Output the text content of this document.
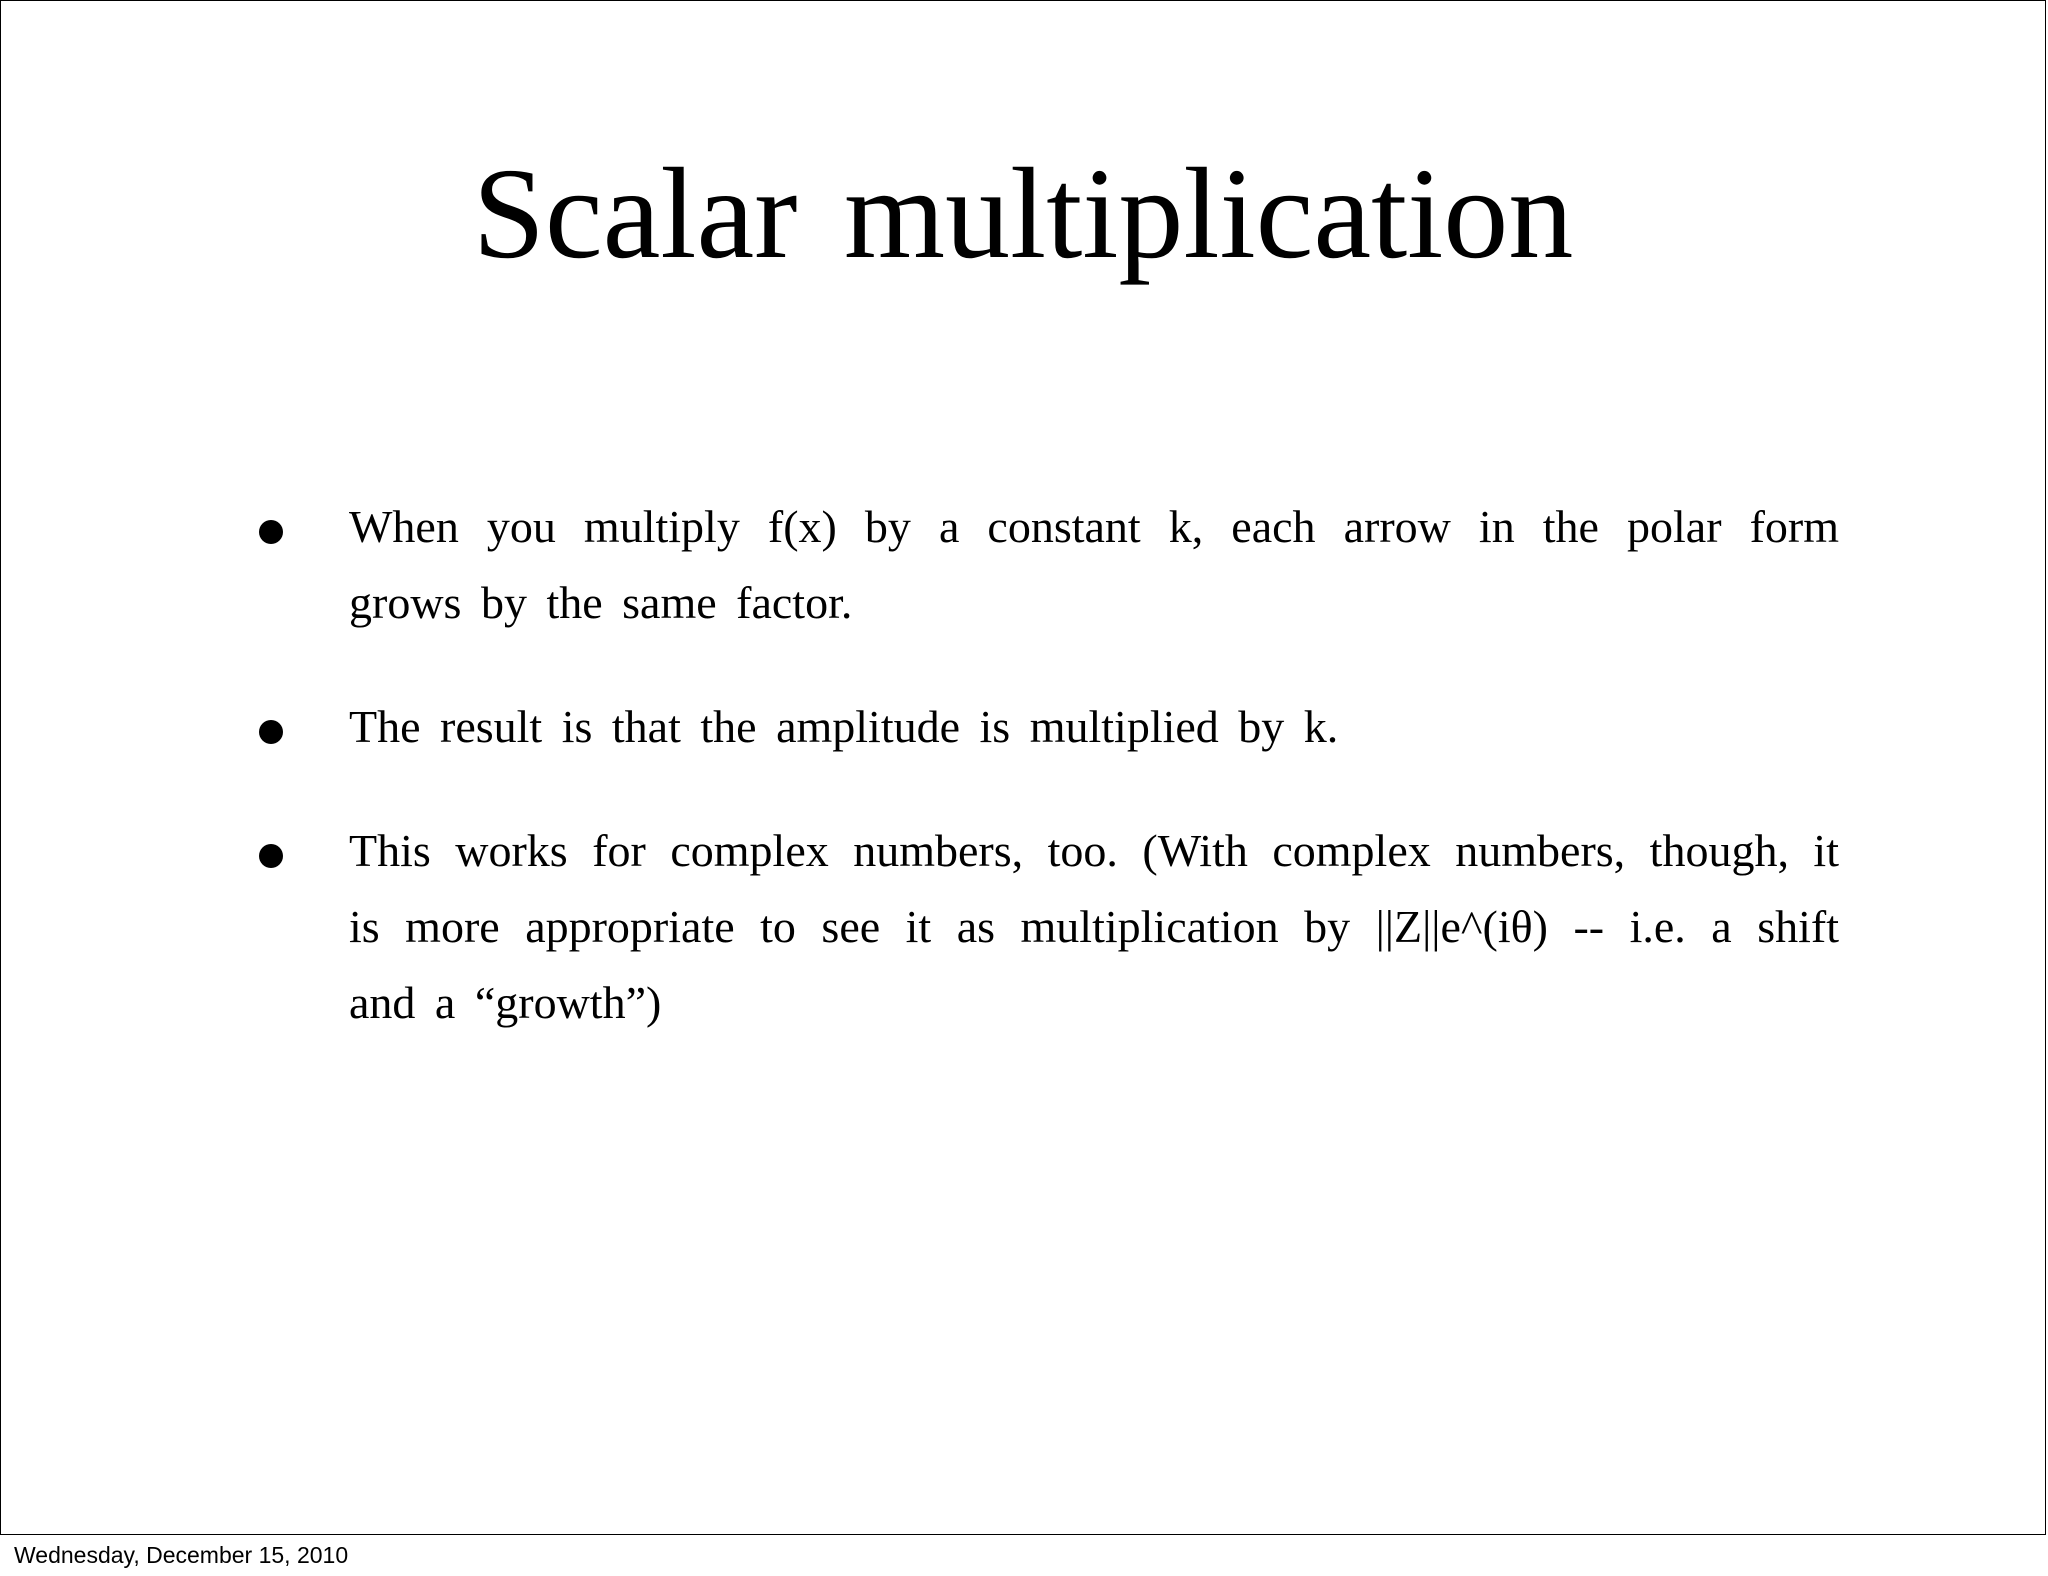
Scalar multiplication
When you multiply f(x) by a constant k, each arrow in the polar form grows by the same factor.
The result is that the amplitude is multiplied by k.
This works for complex numbers, too. (With complex numbers, though, it is more appropriate to see it as multiplication by ||Z||e^(iθ) -- i.e. a shift and a “growth”)
Wednesday, December 15, 2010
